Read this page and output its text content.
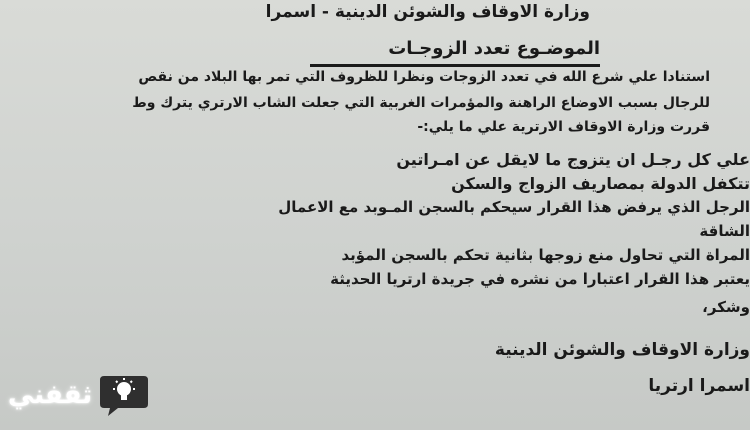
وزارة الاوقاف والشوئن الدينية - اسمرا
الموضـوع تعدد الزوجـات
استنادا علي شرع الله في تعدد الزوجات ونظرا للظروف التي تمر بها البلاد من نقص
للرجال بسبب الاوضاع الراهنة والمؤمرات الغربية التي جعلت الشاب الارتري يترك وط
قررت وزارة الاوقاف الارترية علي ما يلي:-
علي كل رجـل ان يتزوج ما لايقل عن امـراتين
تتكفل الدولة بمصاريف الزواج والسكن
الرجل الذي يرفض هذا القرار سيحكم بالسجن المـوبد مع الاعمال
الشاقة
المراة التي تحاول منع زوجها بثانية تحكم بالسجن المؤبد
يعتبر هذا القرار اعتبارا من نشره في جريدة ارتريا الحديثة
وشكر،
وزارة الاوقاف والشوئن الدينية
اسمرا ارتريا
ثقفني
